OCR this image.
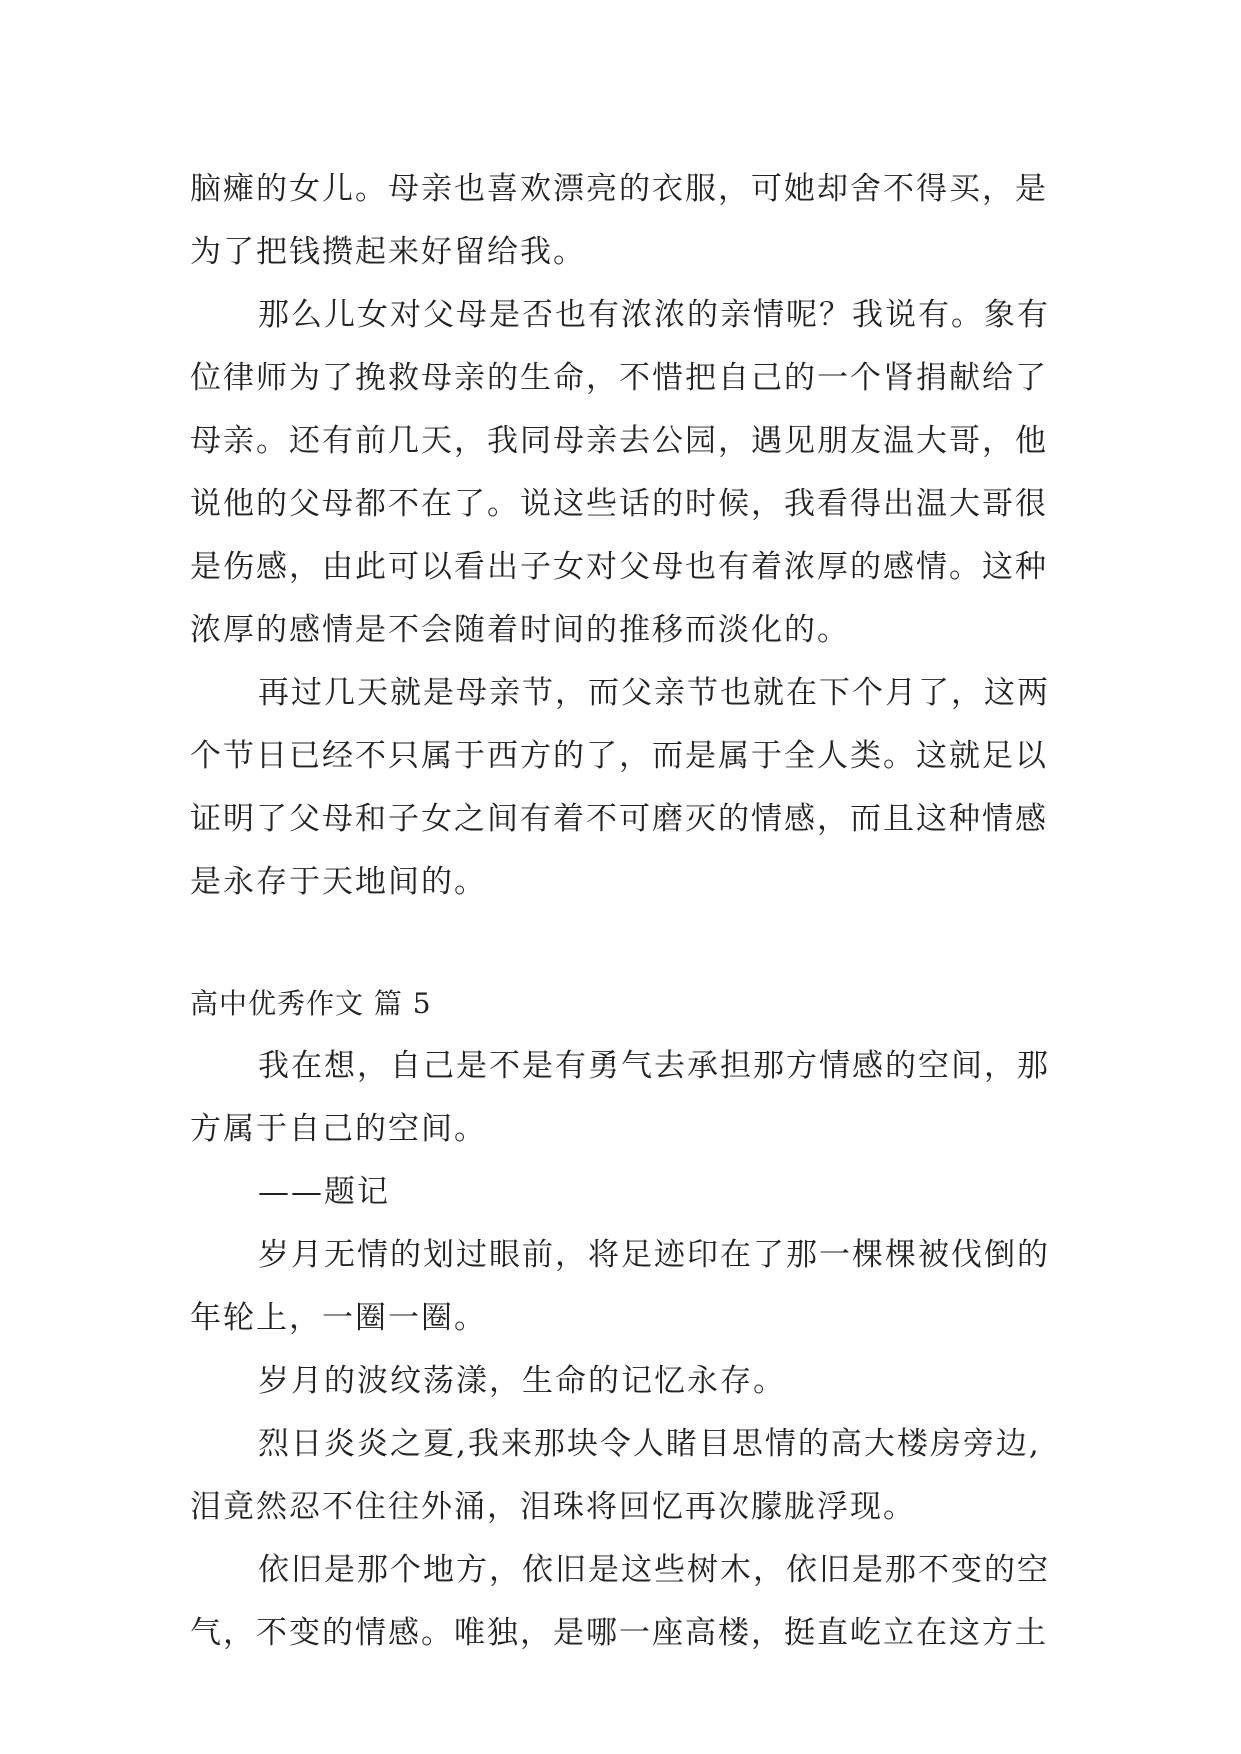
脑瘫的女儿。母亲也喜欢漂亮的衣服，可她却舍不得买，是
为了把钱攒起来好留给我。
那么儿女对父母是否也有浓浓的亲情呢？我说有。象有
位律师为了挽救母亲的生命，不惜把自己的一个肾捐献给了
母亲。还有前几天，我同母亲去公园，遇见朋友温大哥，他
说他的父母都不在了。说这些话的时候，我看得出温大哥很
是伤感，由此可以看出子女对父母也有着浓厚的感情。这种
浓厚的感情是不会随着时间的推移而淡化的。
再过几天就是母亲节，而父亲节也就在下个月了，这两
个节日已经不只属于西方的了，而是属于全人类。这就足以
证明了父母和子女之间有着不可磨灭的情感，而且这种情感
是永存于天地间的。
高中优秀作文 篇 5
我在想，自己是不是有勇气去承担那方情感的空间，那
方属于自己的空间。
——题记
岁月无情的划过眼前，将足迹印在了那一棵棵被伐倒的
年轮上，一圈一圈。
岁月的波纹荡漾，生命的记忆永存。
烈日炎炎之夏,我来那块令人睹目思情的高大楼房旁边,
泪竟然忍不住往外涌，泪珠将回忆再次朦胧浮现。
依旧是那个地方，依旧是这些树木，依旧是那不变的空
气，不变的情感。唯独，是哪一座高楼，挺直屹立在这方土
